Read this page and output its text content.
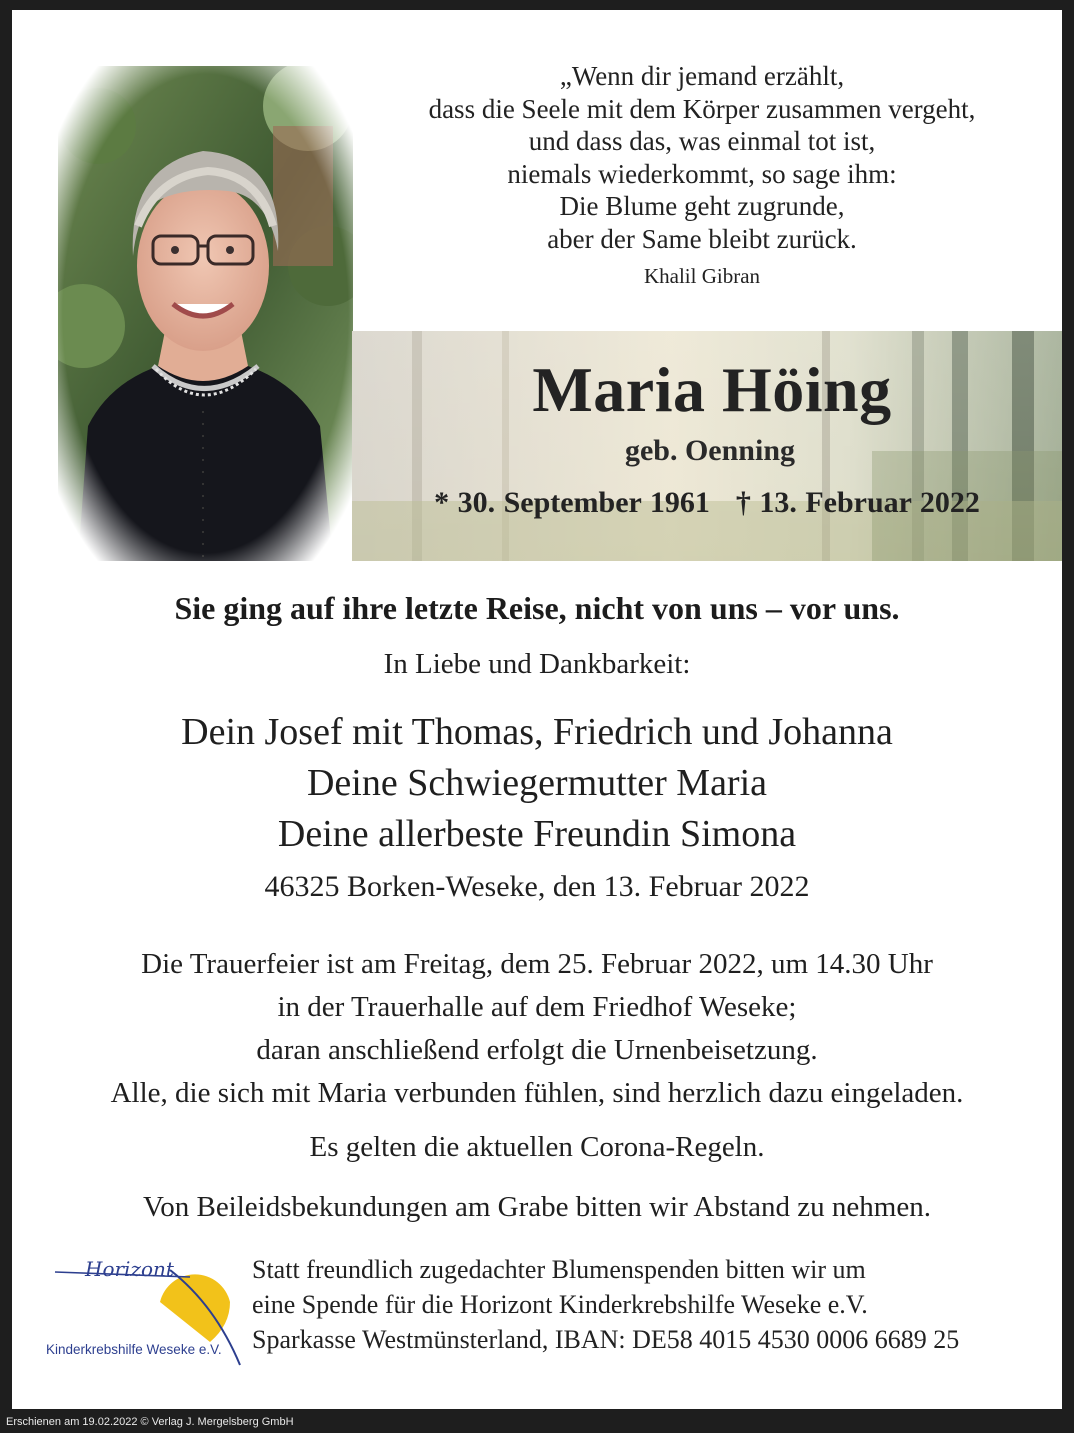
„Wenn dir jemand erzählt,
dass die Seele mit dem Körper zusammen vergeht,
und dass das, was einmal tot ist,
niemals wiederkommt, so sage ihm:
Die Blume geht zugrunde,
aber der Same bleibt zurück.
Khalil Gibran
Maria Höing
geb. Oenning
* 30. September 1961 † 13. Februar 2022
Sie ging auf ihre letzte Reise, nicht von uns – vor uns.
In Liebe und Dankbarkeit:
Dein Josef mit Thomas, Friedrich und Johanna
Deine Schwiegermutter Maria
Deine allerbeste Freundin Simona
46325 Borken-Weseke, den 13. Februar 2022
Die Trauerfeier ist am Freitag, dem 25. Februar 2022, um 14.30 Uhr
in der Trauerhalle auf dem Friedhof Weseke;
daran anschließend erfolgt die Urnenbeisetzung.
Alle, die sich mit Maria verbunden fühlen, sind herzlich dazu eingeladen.
Es gelten die aktuellen Corona-Regeln.
Von Beileidsbekundungen am Grabe bitten wir Abstand zu nehmen.
Horizont
Kinderkrebshilfe Weseke e.V.
Statt freundlich zugedachter Blumenspenden bitten wir um
eine Spende für die Horizont Kinderkrebshilfe Weseke e.V.
Sparkasse Westmünsterland, IBAN: DE58 4015 4530 0006 6689 25
Erschienen am 19.02.2022 © Verlag J. Mergelsberg GmbH
